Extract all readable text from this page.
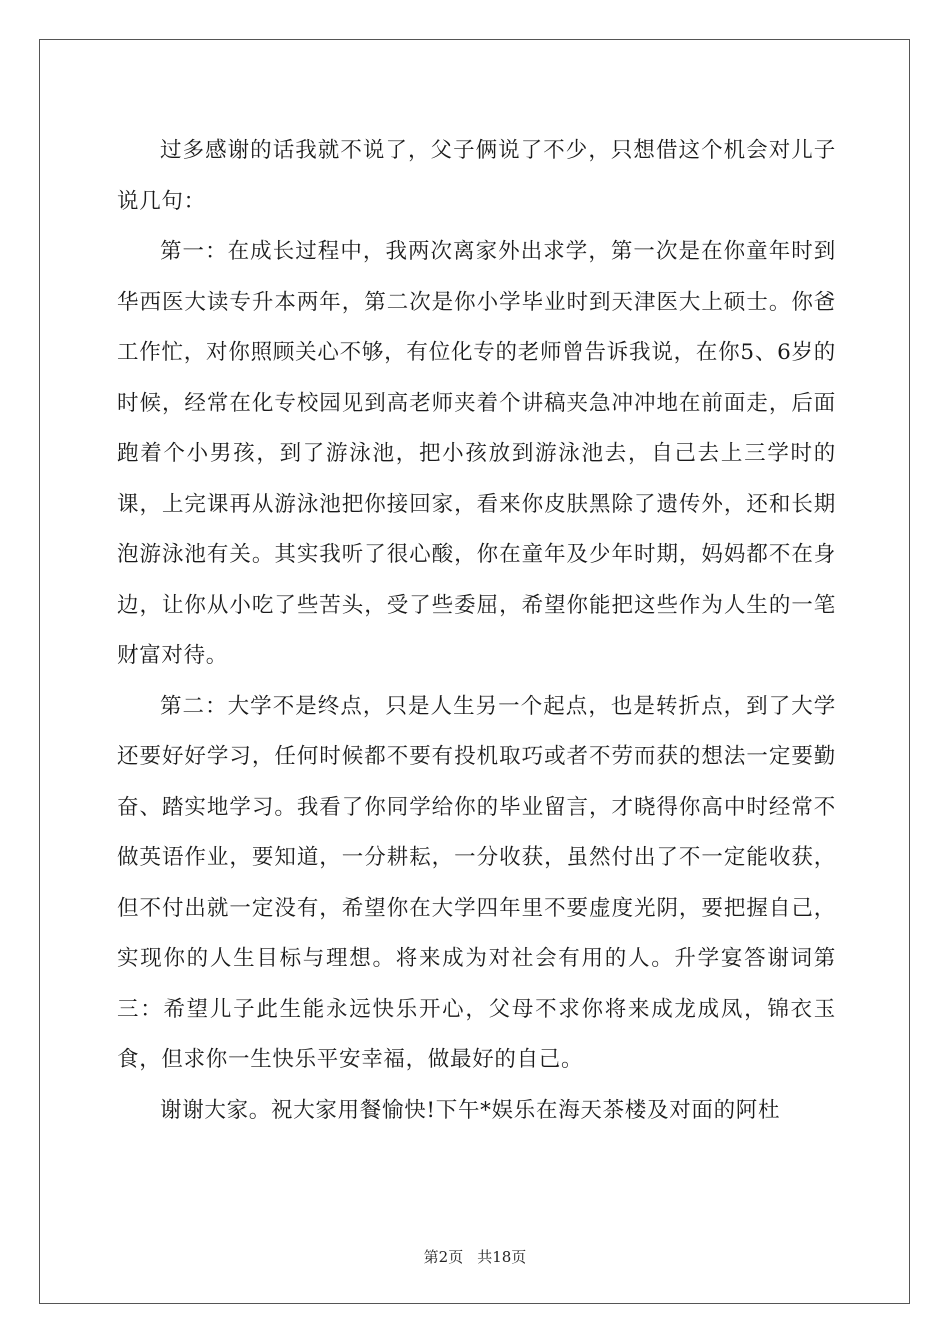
过多感谢的话我就不说了，父子俩说了不少，只想借这个机会对儿子说几句：

第一：在成长过程中，我两次离家外出求学，第一次是在你童年时到华西医大读专升本两年，第二次是你小学毕业时到天津医大上硕士。你爸工作忙，对你照顾关心不够，有位化专的老师曾告诉我说，在你5、6岁的时候，经常在化专校园见到高老师夹着个讲稿夹急冲冲地在前面走，后面跑着个小男孩，到了游泳池，把小孩放到游泳池去，自己去上三学时的课，上完课再从游泳池把你接回家，看来你皮肤黑除了遗传外，还和长期泡游泳池有关。其实我听了很心酸，你在童年及少年时期，妈妈都不在身边，让你从小吃了些苦头，受了些委屈，希望你能把这些作为人生的一笔财富对待。

第二：大学不是终点，只是人生另一个起点，也是转折点，到了大学还要好好学习，任何时候都不要有投机取巧或者不劳而获的想法一定要勤奋、踏实地学习。我看了你同学给你的毕业留言，才晓得你高中时经常不做英语作业，要知道，一分耕耘，一分收获，虽然付出了不一定能收获，但不付出就一定没有，希望你在大学四年里不要虚度光阴，要把握自己，实现你的人生目标与理想。将来成为对社会有用的人。升学宴答谢词第三：希望儿子此生能永远快乐开心，父母不求你将来成龙成凤，锦衣玉食，但求你一生快乐平安幸福，做最好的自己。

谢谢大家。祝大家用餐愉快!下午*娱乐在海天茶楼及对面的阿杜

第2页 共18页
